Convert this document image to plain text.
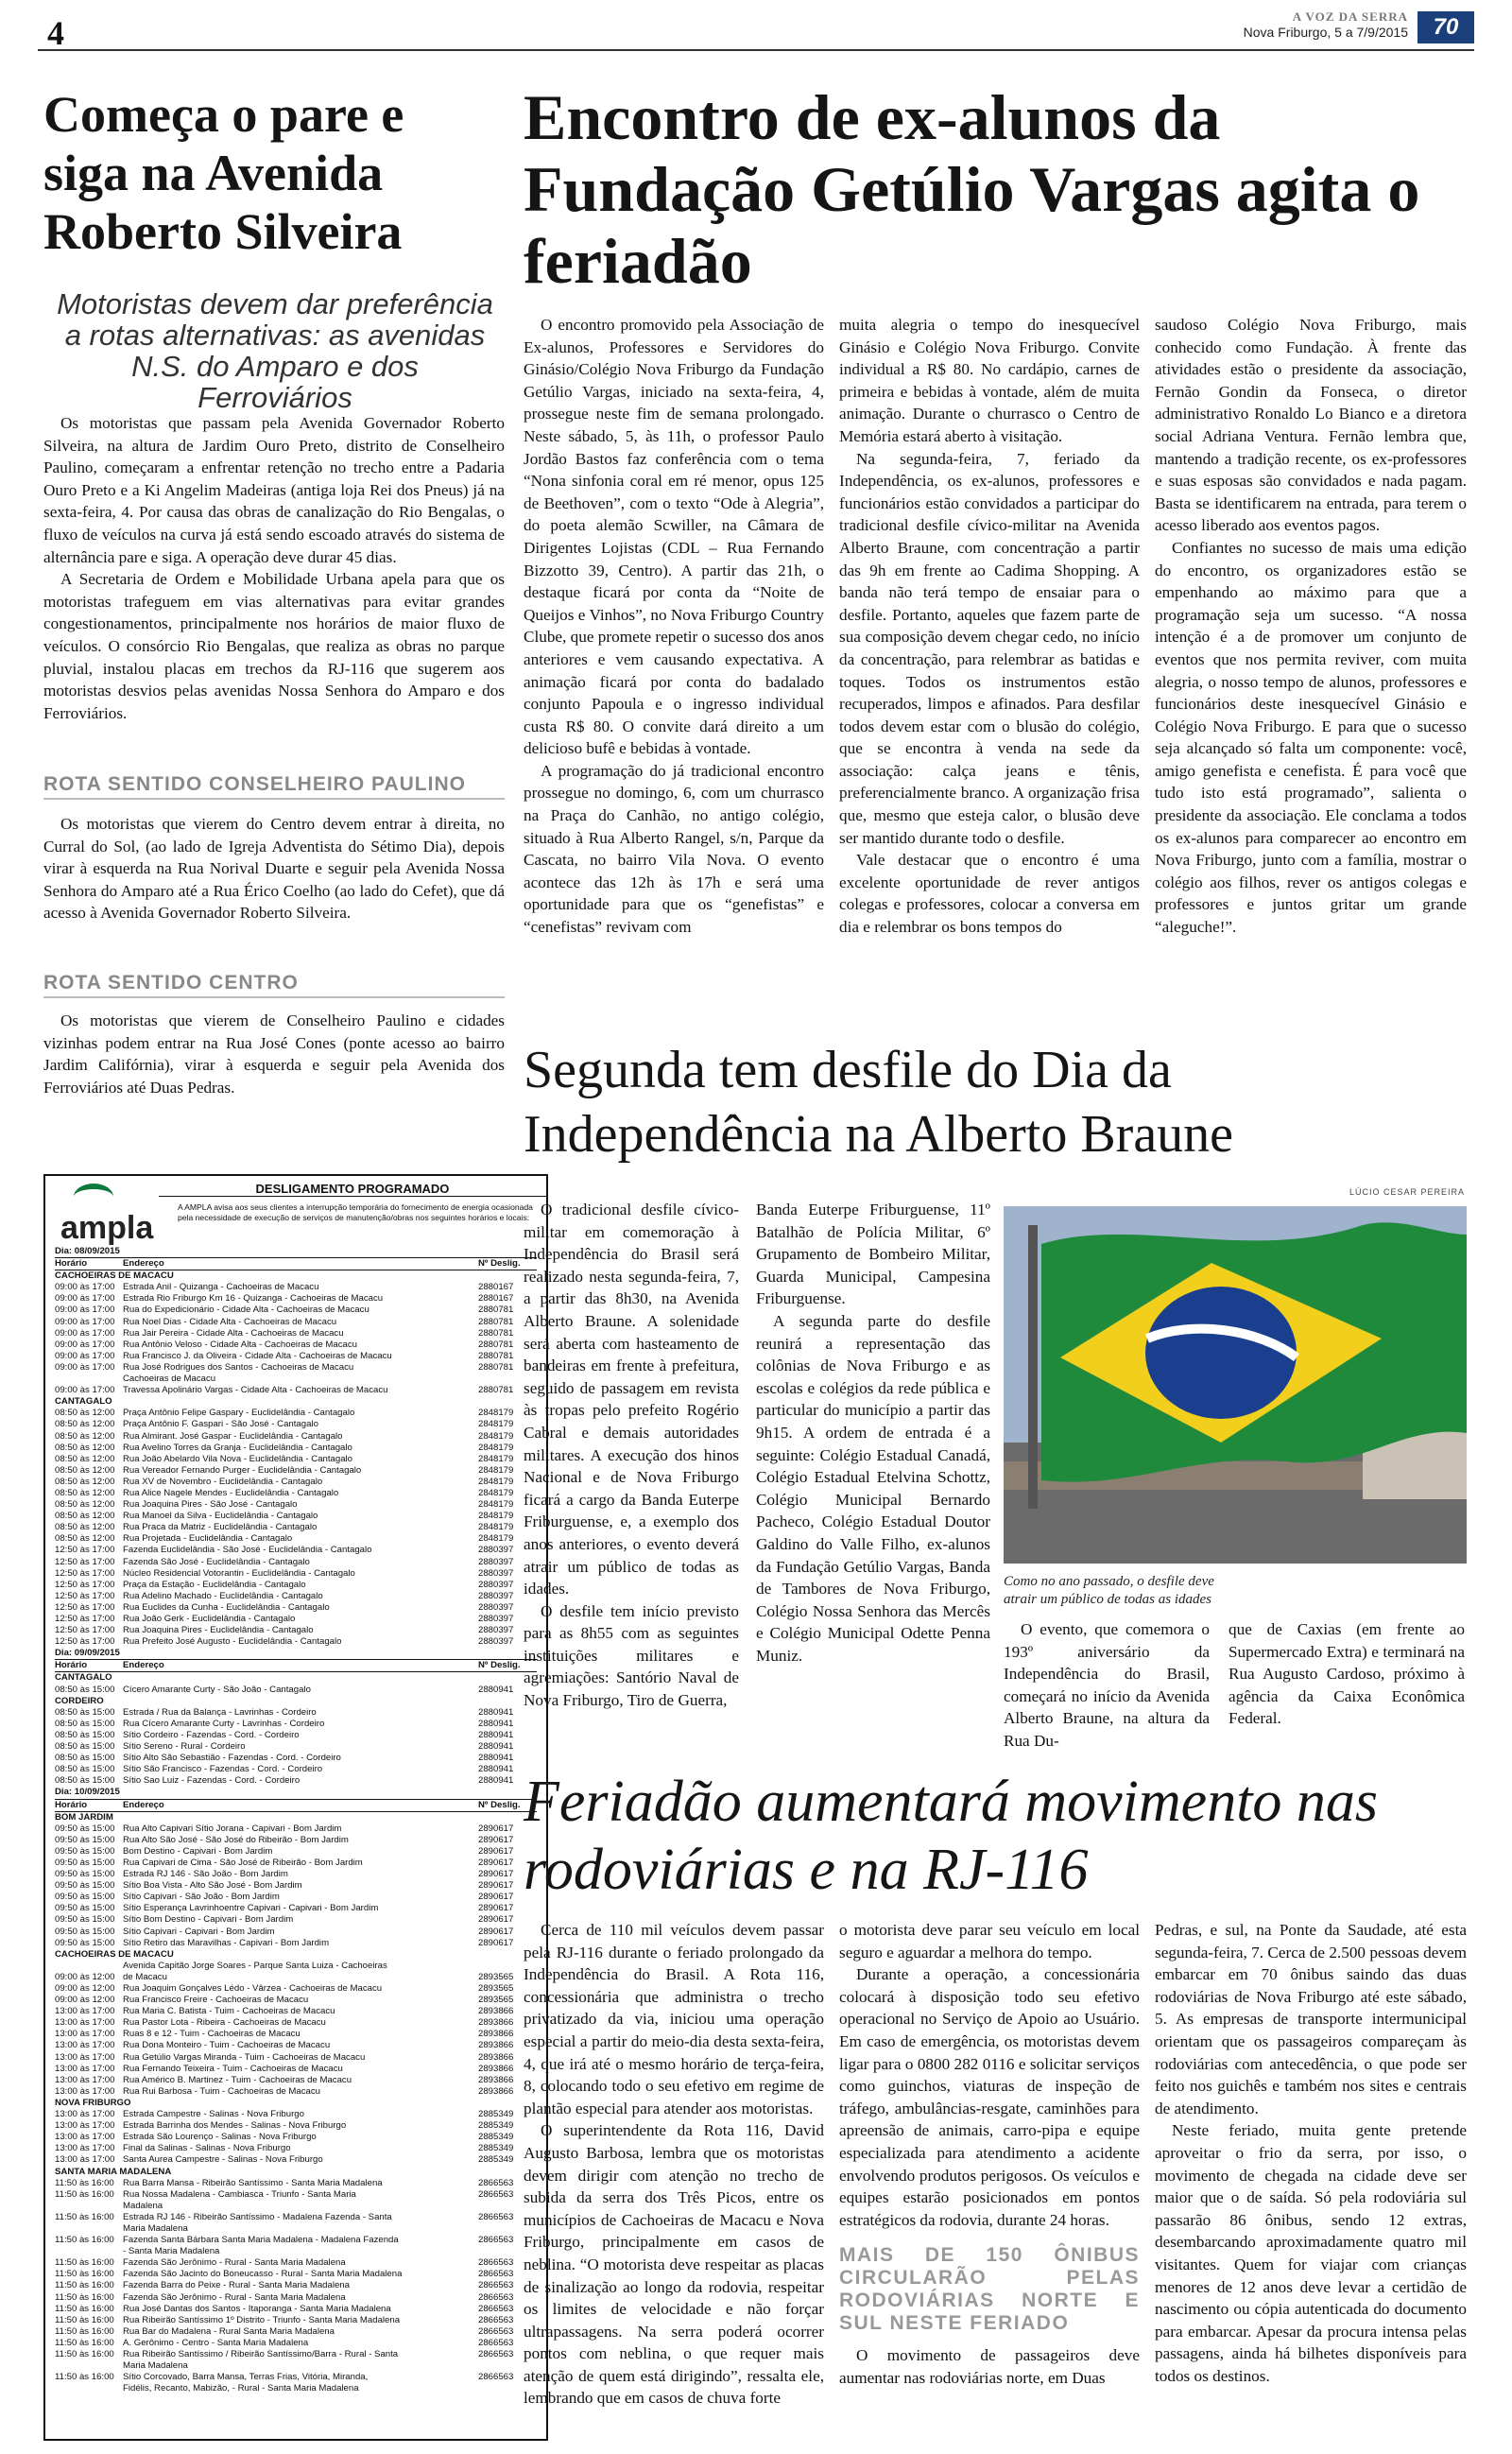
4	A VOZ DA SERRA
Nova Friburgo, 5 a 7/9/2015	70
Começa o pare e siga na Avenida Roberto Silveira
Motoristas devem dar preferência a rotas alternativas: as avenidas N.S. do Amparo e dos Ferroviários

Os motoristas que passam pela Avenida Governador Roberto Silveira, na altura de Jardim Ouro Preto, distrito de Conselheiro Paulino, começaram a enfrentar retenção no trecho entre a Padaria Ouro Preto e a Ki Angelim Madeiras (antiga loja Rei dos Pneus) já na sexta-feira, 4. Por causa das obras de canalização do Rio Bengalas, o fluxo de veículos na curva já está sendo escoado através do sistema de alternância pare e siga. A operação deve durar 45 dias.

A Secretaria de Ordem e Mobilidade Urbana apela para que os motoristas trafeguem em vias alternativas para evitar grandes congestionamentos, principalmente nos horários de maior fluxo de veículos. O consórcio Rio Bengalas, que realiza as obras no parque pluvial, instalou placas em trechos da RJ-116 que sugerem aos motoristas desvios pelas avenidas Nossa Senhora do Amparo e dos Ferroviários.

ROTA SENTIDO CONSELHEIRO PAULINO

Os motoristas que vierem do Centro devem entrar à direita, no Curral do Sol, (ao lado de Igreja Adventista do Sétimo Dia), depois virar à esquerda na Rua Norival Duarte e seguir pela Avenida Nossa Senhora do Amparo até a Rua Érico Coelho (ao lado do Cefet), que dá acesso à Avenida Governador Roberto Silveira.

ROTA SENTIDO CENTRO

Os motoristas que vierem de Conselheiro Paulino e cidades vizinhas podem entrar na Rua José Cones (ponte acesso ao bairro Jardim Califórnia), virar à esquerda e seguir pela Avenida dos Ferroviários até Duas Pedras.

ampla
DESLIGAMENTO PROGRAMADO
A AMPLA avisa aos seus clientes a interrupção temporária do fornecimento de energia ocasionada pela necessidade de execução de serviços de manutenção/obras nos seguintes horários e locais:
Dia: 08/09/2015
Horário	Endereço	Nº Deslig.
CACHOEIRAS DE MACACU
09:00 às 17:00 Estrada Anil - Quizanga - Cachoeiras de Macacu	2880167
09:00 às 17:00 Estrada Rio Friburgo Km 16 - Quizanga - Cachoeiras de Macacu	2880167
09:00 às 17:00 Rua do Expedicionário - Cidade Alta - Cachoeiras de Macacu	2880781
09:00 às 17:00 Rua Noel Dias - Cidade Alta - Cachoeiras de Macacu	2880781
09:00 às 17:00 Rua Jair Pereira - Cidade Alta - Cachoeiras de Macacu	2880781
09:00 às 17:00 Rua Antônio Veloso - Cidade Alta - Cachoeiras de Macacu	2880781
09:00 às 17:00 Rua Francisco J. da Oliveira - Cidade Alta - Cachoeiras de Macacu	2880781
09:00 às 17:00 Rua José Rodrigues dos Santos - Cachoeiras de Macacu	2880781
Cachoeiras de Macacu
09:00 às 17:00 Travessa Apolinário Vargas - Cidade Alta - Cachoeiras de Macacu	2880781
CANTAGALO
08:50 às 12:00 Praça Antônio Felipe Gaspary - Euclidelândia - Cantagalo	2848179
08:50 às 12:00 Praça Antônio F. Gaspari - São José - Cantagalo	2848179
08:50 às 12:00 Rua Almirant. José Gaspar - Euclidelândia - Cantagalo	2848179
08:50 às 12:00 Rua Avelino Torres da Granja - Euclidelândia - Cantagalo	2848179
08:50 às 12:00 Rua João Abelardo Vila Nova - Euclidelândia - Cantagalo	2848179
08:50 às 12:00 Rua Vereador Fernando Purger - Euclidelândia - Cantagalo	2848179
08:50 às 12:00 Rua XV de Novembro - Euclidelândia - Cantagalo	2848179
08:50 às 12:00 Rua Alice Nagele Mendes - Euclidelândia - Cantagalo	2848179
08:50 às 12:00 Rua Joaquina Pires - São José - Cantagalo	2848179
08:50 às 12:00 Rua Manoel da Silva - Euclidelândia - Cantagalo	2848179
08:50 às 12:00 Rua Praca da Matriz - Euclidelândia - Cantagalo	2848179
08:50 às 12:00 Rua Projetada - Euclidelândia - Cantagalo	2848179
12:50 às 17:00 Fazenda Euclidelândia - São José - Euclidelândia - Cantagalo	2880397
12:50 às 17:00 Fazenda São José - Euclidelândia - Cantagalo	2880397
12:50 às 17:00 Núcleo Residencial Votorantin - Euclidelândia - Cantagalo	2880397
12:50 às 17:00 Praça da Estação - Euclidelândia - Cantagalo	2880397
12:50 às 17:00 Rua Adelino Machado - Euclidelândia - Cantagalo	2880397
12:50 às 17:00 Rua Euclides da Cunha - Euclidelândia - Cantagalo	2880397
12:50 às 17:00 Rua João Gerk - Euclidelândia - Cantagalo	2880397
12:50 às 17:00 Rua Joaquina Pires - Euclidelândia - Cantagalo	2880397
12:50 às 17:00 Rua Prefeito José Augusto - Euclidelândia - Cantagalo	2880397
Dia: 09/09/2015
Horário	Endereço	Nº Deslig.
CANTAGALO
08:50 às 15:00 Cícero Amarante Curty - São João - Cantagalo	2880941
CORDEIRO
08:50 às 15:00 Estrada / Rua da Balança - Lavrinhas - Cordeiro	2880941
08:50 às 15:00 Rua Cícero Amarante Curty - Lavrinhas - Cordeiro	2880941
08:50 às 15:00 Sítio Cordeiro - Fazendas - Cord. - Cordeiro	2880941
08:50 às 15:00 Sítio Sereno - Rural - Cordeiro	2880941
08:50 às 15:00 Sítio Alto São Sebastião - Fazendas - Cord. - Cordeiro	2880941
08:50 às 15:00 Sítio São Francisco - Fazendas - Cord. - Cordeiro	2880941
08:50 às 15:00 Sítio Sao Luiz - Fazendas - Cord. - Cordeiro	2880941
Dia: 10/09/2015
Horário	Endereço	Nº Deslig.
BOM JARDIM
09:50 às 15:00 Rua Alto Capivari Sítio Jorana - Capivari - Bom Jardim	2890617
09:50 às 15:00 Rua Alto São José - São José do Ribeirão - Bom Jardim	2890617
09:50 às 15:00 Bom Destino - Capivari - Bom Jardim	2890617
09:50 às 15:00 Rua Capivari de Cima - São José de Ribeirão - Bom Jardim	2890617
09:50 às 15:00 Estrada RJ 146 - São João - Bom Jardim	2890617
09:50 às 15:00 Sítio Boa Vista - Alto São José - Bom Jardim	2890617
09:50 às 15:00 Sítio Capivari - São João - Bom Jardim	2890617
09:50 às 15:00 Sítio Esperança Lavrinhoentre Capivari - Capivari - Bom Jardim	2890617
09:50 às 15:00 Sítio Bom Destino - Capivari - Bom Jardim	2890617
09:50 às 15:00 Sítio Capivari - Capivari - Bom Jardim	2890617
09:50 às 15:00 Sítio Retiro das Maravilhas - Capivari - Bom Jardim	2890617
CACHOEIRAS DE MACACU
Avenida Capitão Jorge Soares - Parque Santa Luiza - Cachoeiras
09:00 às 12:00 de Macacu	2893565
09:00 às 12:00 Rua Joaquim Gonçalves Lédo - Vârzea - Cachoeiras de Macacu	2893565
09:00 às 12:00 Rua Francisco Freire - Cachoeiras de Macacu	2893565
13:00 às 17:00 Rua Maria C. Batista - Tuim - Cachoeiras de Macacu	2893866
13:00 às 17:00 Rua Pastor Lota - Ribeira - Cachoeiras de Macacu	2893866
13:00 às 17:00 Ruas 8 e 12 - Tuim - Cachoeiras de Macacu	2893866
13:00 às 17:00 Rua Dona Monteiro - Tuim - Cachoeiras de Macacu	2893866
13:00 às 17:00 Rua Getúlio Vargas Miranda - Tuim - Cachoeiras de Macacu	2893866
13:00 às 17:00 Rua Fernando Teixeira - Tuim - Cachoeiras de Macacu	2893866
13:00 às 17:00 Rua Américo B. Martinez - Tuim - Cachoeiras de Macacu	2893866
13:00 às 17:00 Rua Rui Barbosa - Tuim - Cachoeiras de Macacu	2893866
NOVA FRIBURGO
13:00 às 17:00 Estrada Campestre - Salinas - Nova Friburgo	2885349
13:00 às 17:00 Estrada Barrinha dos Mendes - Salinas - Nova Friburgo	2885349
13:00 às 17:00 Estrada São Lourenço - Salinas - Nova Friburgo	2885349
13:00 às 17:00 Final da Salinas - Salinas - Nova Friburgo	2885349
13:00 às 17:00 Santa Aurea Campestre - Salinas - Nova Friburgo	2885349
SANTA MARIA MADALENA
11:50 às 16:00 Rua Barra Mansa - Ribeirão Santíssimo - Santa Maria Madalena	2866563
11:50 às 16:00 Rua Nossa Madalena - Cambiasca - Triunfo - Santa Maria	2866563
Madalena
11:50 às 16:00 Estrada RJ 146 - Ribeirão Santíssimo - Madalena Fazenda - Santa	2866563
Maria Madalena
11:50 às 16:00 Fazenda Santa Bárbara Santa Maria Madalena - Madalena Fazenda	2866563
- Santa Maria Madalena
11:50 às 16:00 Fazenda São Jerônimo - Rural - Santa Maria Madalena	2866563
11:50 às 16:00 Fazenda São Jacinto do Boneucasso - Rural - Santa Maria Madalena	2866563
11:50 às 16:00 Fazenda Barra do Peixe - Rural - Santa Maria Madalena	2866563
11:50 às 16:00 Fazenda São Jerônimo - Rural - Santa Maria Madalena	2866563
11:50 às 16:00 Rua José Dantas dos Santos - Itaporanga - Santa Maria Madalena	2866563
11:50 às 16:00 Rua Ribeirão Santíssimo 1º Distrito - Triunfo - Santa Maria Madalena	2866563
11:50 às 16:00 Rua Bar do Madalena - Rural Santa Maria Madalena	2866563
11:50 às 16:00 A. Gerônimo - Centro - Santa Maria Madalena	2866563
11:50 às 16:00 Rua Ribeirão Santíssimo / Ribeirão Santíssimo/Barra - Rural - Santa	2866563
Maria Madalena
11:50 às 16:00 Sítio Corcovado, Barra Mansa, Terras Frias, Vitória, Miranda,	2866563
Fidélis, Recanto, Mabizão, - Rural - Santa Maria Madalena
Encontro de ex-alunos da Fundação Getúlio Vargas agita o feriadão

O encontro promovido pela Associação de Ex-alunos, Professores e Servidores do Ginásio/Colégio Nova Friburgo da Fundação Getúlio Vargas, iniciado na sexta-feira, 4, prossegue neste fim de semana prolongado. Neste sábado, 5, às 11h, o professor Paulo Jordão Bastos faz conferência com o tema “Nona sinfonia coral em ré menor, opus 125 de Beethoven”, com o texto “Ode à Alegria”, do poeta alemão Scwiller, na Câmara de Dirigentes Lojistas (CDL – Rua Fernando Bizzotto 39, Centro). A partir das 21h, o destaque ficará por conta da “Noite de Queijos e Vinhos”, no Nova Friburgo Country Clube, que promete repetir o sucesso dos anos anteriores e vem causando expectativa. A animação ficará por conta do badalado conjunto Papoula e o ingresso individual custa R$ 80. O convite dará direito a um delicioso bufê e bebidas à vontade.

A programação do já tradicional encontro prossegue no domingo, 6, com um churrasco na Praça do Canhão, no antigo colégio, situado à Rua Alberto Rangel, s/n, Parque da Cascata, no bairro Vila Nova. O evento acontece das 12h às 17h e será uma oportunidade para que os “genefistas” e “cenefistas” revivam com

muita alegria o tempo do inesquecível Ginásio e Colégio Nova Friburgo. Convite individual a R$ 80. No cardápio, carnes de primeira e bebidas à vontade, além de muita animação. Durante o churrasco o Centro de Memória estará aberto à visitação.

Na segunda-feira, 7, feriado da Independência, os ex-alunos, professores e funcionários estão convidados a participar do tradicional desfile cívico-militar na Avenida Alberto Braune, com concentração a partir das 9h em frente ao Cadima Shopping. A banda não terá tempo de ensaiar para o desfile. Portanto, aqueles que fazem parte de sua composição devem chegar cedo, no início da concentração, para relembrar as batidas e toques. Todos os instrumentos estão recuperados, limpos e afinados. Para desfilar todos devem estar com o blusão do colégio, que se encontra à venda na sede da associação: calça jeans e tênis, preferencialmente branco. A organização frisa que, mesmo que esteja calor, o blusão deve ser mantido durante todo o desfile.

Vale destacar que o encontro é uma excelente oportunidade de rever antigos colegas e professores, colocar a conversa em dia e relembrar os bons tempos do

saudoso Colégio Nova Friburgo, mais conhecido como Fundação. À frente das atividades estão o presidente da associação, Fernão Gondin da Fonseca, o diretor administrativo Ronaldo Lo Bianco e a diretora social Adriana Ventura. Fernão lembra que, mantendo a tradição recente, os ex-professores e suas esposas são convidados e nada pagam. Basta se identificarem na entrada, para terem o acesso liberado aos eventos pagos.

Confiantes no sucesso de mais uma edição do encontro, os organizadores estão se empenhando ao máximo para que a programação seja um sucesso. “A nossa intenção é a de promover um conjunto de eventos que nos permita reviver, com muita alegria, o nosso tempo de alunos, professores e funcionários deste inesquecível Ginásio e Colégio Nova Friburgo. E para que o sucesso seja alcançado só falta um componente: você, amigo genefista e cenefista. É para você que tudo isto está programado”, salienta o presidente da associação. Ele conclama a todos os ex-alunos para comparecer ao encontro em Nova Friburgo, junto com a família, mostrar o colégio aos filhos, rever os antigos colegas e professores e juntos gritar um grande “aleguche!”.

Segunda tem desfile do Dia da Independência na Alberto Braune

O tradicional desfile cívico-militar em comemoração à Independência do Brasil será realizado nesta segunda-feira, 7, a partir das 8h30, na Avenida Alberto Braune. A solenidade será aberta com hasteamento de bandeiras em frente à prefeitura, seguido de passagem em revista às tropas pelo prefeito Rogério Cabral e demais autoridades militares. A execução dos hinos Nacional e de Nova Friburgo ficará a cargo da Banda Euterpe Friburguense, e, a exemplo dos anos anteriores, o evento deverá atrair um público de todas as idades.

O desfile tem início previsto para as 8h55 com as seguintes instituições militares e agremiações: Santório Naval de Nova Friburgo, Tiro de Guerra,

Banda Euterpe Friburguense, 11º Batalhão de Polícia Militar, 6º Grupamento de Bombeiro Militar, Guarda Municipal, Campesina Friburguense.

A segunda parte do desfile reunirá a representação das colônias de Nova Friburgo e as escolas e colégios da rede pública e particular do município a partir das 9h15. A ordem de entrada é a seguinte: Colégio Estadual Canadá, Colégio Estadual Etelvina Schottz, Colégio Municipal Bernardo Pacheco, Colégio Estadual Doutor Galdino do Valle Filho, ex-alunos da Fundação Getúlio Vargas, Banda de Tambores de Nova Friburgo, Colégio Nossa Senhora das Mercês e Colégio Municipal Odette Penna Muniz.

LÚCIO CESAR PEREIRA
Como no ano passado, o desfile deve atrair um público de todas as idades

O evento, que comemora o 193º aniversário da Independência do Brasil, começará no início da Avenida Alberto Braune, na altura da Rua Du-

que de Caxias (em frente ao Supermercado Extra) e terminará na Rua Augusto Cardoso, próximo à agência da Caixa Econômica Federal.

Feriadão aumentará movimento nas rodoviárias e na RJ-116

Cerca de 110 mil veículos devem passar pela RJ-116 durante o feriado prolongado da Independência do Brasil. A Rota 116, concessionária que administra o trecho privatizado da via, iniciou uma operação especial a partir do meio-dia desta sexta-feira, 4, que irá até o mesmo horário de terça-feira, 8, colocando todo o seu efetivo em regime de plantão especial para atender aos motoristas.

O superintendente da Rota 116, David Augusto Barbosa, lembra que os motoristas devem dirigir com atenção no trecho de subida da serra dos Três Picos, entre os municípios de Cachoeiras de Macacu e Nova Friburgo, principalmente em casos de neblina. “O motorista deve respeitar as placas de sinalização ao longo da rodovia, respeitar os limites de velocidade e não forçar ultrapassagens. Na serra poderá ocorrer pontos com neblina, o que requer mais atenção de quem está dirigindo”, ressalta ele, lembrando que em casos de chuva forte

o motorista deve parar seu veículo em local seguro e aguardar a melhora do tempo.

Durante a operação, a concessionária colocará à disposição todo seu efetivo operacional no Serviço de Apoio ao Usuário. Em caso de emergência, os motoristas devem ligar para o 0800 282 0116 e solicitar serviços como guinchos, viaturas de inspeção de tráfego, ambulâncias-resgate, caminhões para apreensão de animais, carro-pipa e equipe especializada para atendimento a acidente envolvendo produtos perigosos. Os veículos e equipes estarão posicionados em pontos estratégicos da rodovia, durante 24 horas.

MAIS DE 150 ÔNIBUS CIRCULARÃO PELAS RODOVIÁRIAS NORTE E SUL NESTE FERIADO

O movimento de passageiros deve aumentar nas rodoviárias norte, em Duas

Pedras, e sul, na Ponte da Saudade, até esta segunda-feira, 7. Cerca de 2.500 pessoas devem embarcar em 70 ônibus saindo das duas rodoviárias de Nova Friburgo até este sábado, 5. As empresas de transporte intermunicipal orientam que os passageiros compareçam às rodoviárias com antecedência, o que pode ser feito nos guichês e também nos sites e centrais de atendimento.

Neste feriado, muita gente pretende aproveitar o frio da serra, por isso, o movimento de chegada na cidade deve ser maior que o de saída. Só pela rodoviária sul passarão 86 ônibus, sendo 12 extras, desembarcando aproximadamente quatro mil visitantes. Quem for viajar com crianças menores de 12 anos deve levar a certidão de nascimento ou cópia autenticada do documento para embarcar. Apesar da procura intensa pelas passagens, ainda há bilhetes disponíveis para todos os destinos.
